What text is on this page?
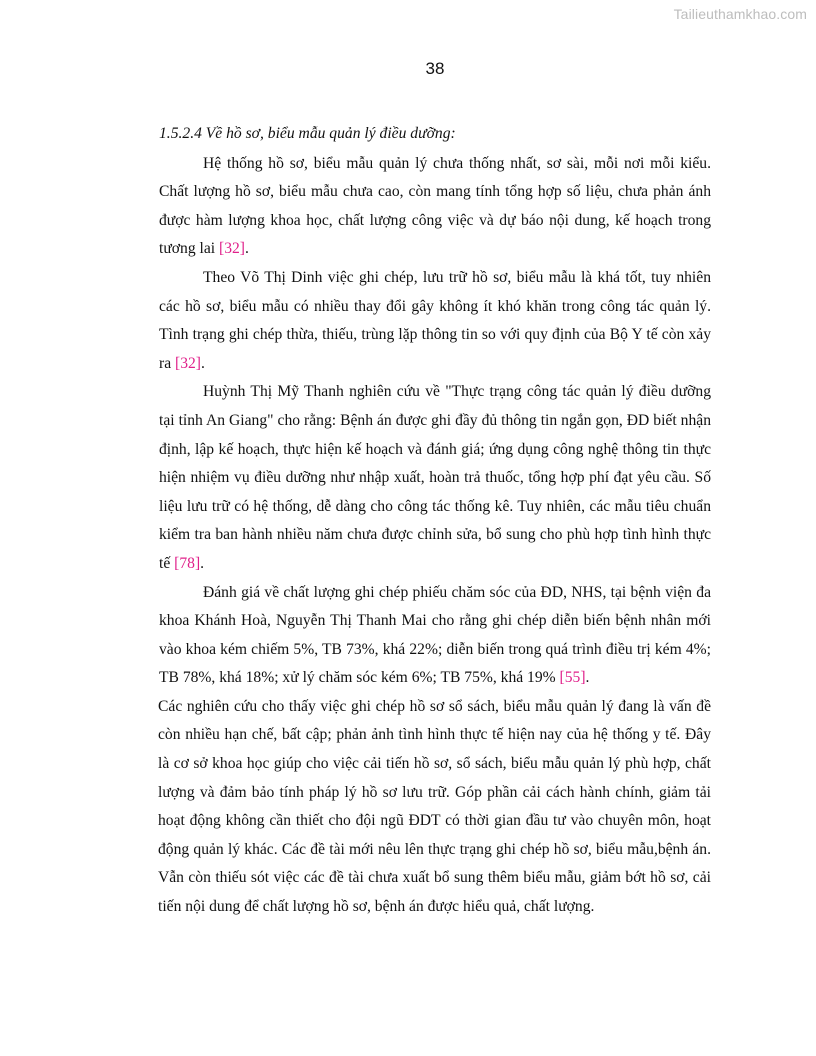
Tailieuthamkhao.com
38

1.5.2.4 Về hồ sơ, biểu mẫu quản lý điều dưỡng:

Hệ thống hồ sơ, biểu mẫu quản lý chưa thống nhất, sơ sài, mỗi nơi mỗi kiểu. Chất lượng hồ sơ, biểu mẫu chưa cao, còn mang tính tổng hợp số liệu, chưa phản ánh được hàm lượng khoa học, chất lượng công việc và dự báo nội dung, kế hoạch trong tương lai [32].

Theo Võ Thị Dinh việc ghi chép, lưu trữ hồ sơ, biểu mẫu là khá tốt, tuy nhiên các hồ sơ, biểu mẫu có nhiều thay đổi gây không ít khó khăn trong công tác quản lý. Tình trạng ghi chép thừa, thiếu, trùng lặp thông tin so với quy định của Bộ Y tế còn xảy ra [32].

Huỳnh Thị Mỹ Thanh nghiên cứu về "Thực trạng công tác quản lý điều dưỡng tại tỉnh An Giang" cho rằng: Bệnh án được ghi đầy đủ thông tin ngắn gọn, ĐD biết nhận định, lập kế hoạch, thực hiện kế hoạch và đánh giá; ứng dụng công nghệ thông tin thực hiện nhiệm vụ điều dưỡng như nhập xuất, hoàn trả thuốc, tổng hợp phí đạt yêu cầu. Số liệu lưu trữ có hệ thống, dễ dàng cho công tác thống kê. Tuy nhiên, các mẫu tiêu chuẩn kiểm tra ban hành nhiều năm chưa được chỉnh sửa, bổ sung cho phù hợp tình hình thực tế [78].

Đánh giá về chất lượng ghi chép phiếu chăm sóc của ĐD, NHS, tại bệnh viện đa khoa Khánh Hoà, Nguyễn Thị Thanh Mai cho rằng ghi chép diễn biến bệnh nhân mới vào khoa kém chiếm 5%, TB 73%, khá 22%; diễn biến trong quá trình điều trị kém 4%; TB 78%, khá 18%; xử lý chăm sóc kém 6%; TB 75%, khá 19% [55].

Các nghiên cứu cho thấy việc ghi chép hồ sơ sổ sách, biểu mẫu quản lý đang là vấn đề còn nhiều hạn chế, bất cập; phản ảnh tình hình thực tế hiện nay của hệ thống y tế. Đây là cơ sở khoa học giúp cho việc cải tiến hồ sơ, sổ sách, biểu mẫu quản lý phù hợp, chất lượng và đảm bảo tính pháp lý hồ sơ lưu trữ. Góp phần cải cách hành chính, giảm tải hoạt động không cần thiết cho đội ngũ ĐDT có thời gian đầu tư vào chuyên môn, hoạt động quản lý khác. Các đề tài mới nêu lên thực trạng ghi chép hồ sơ, biểu mẫu,bệnh án. Vẫn còn thiếu sót việc các đề tài chưa xuất bổ sung thêm biểu mẫu, giảm bớt hồ sơ, cải tiến nội dung để chất lượng hồ sơ, bệnh án được hiểu quả, chất lượng.
